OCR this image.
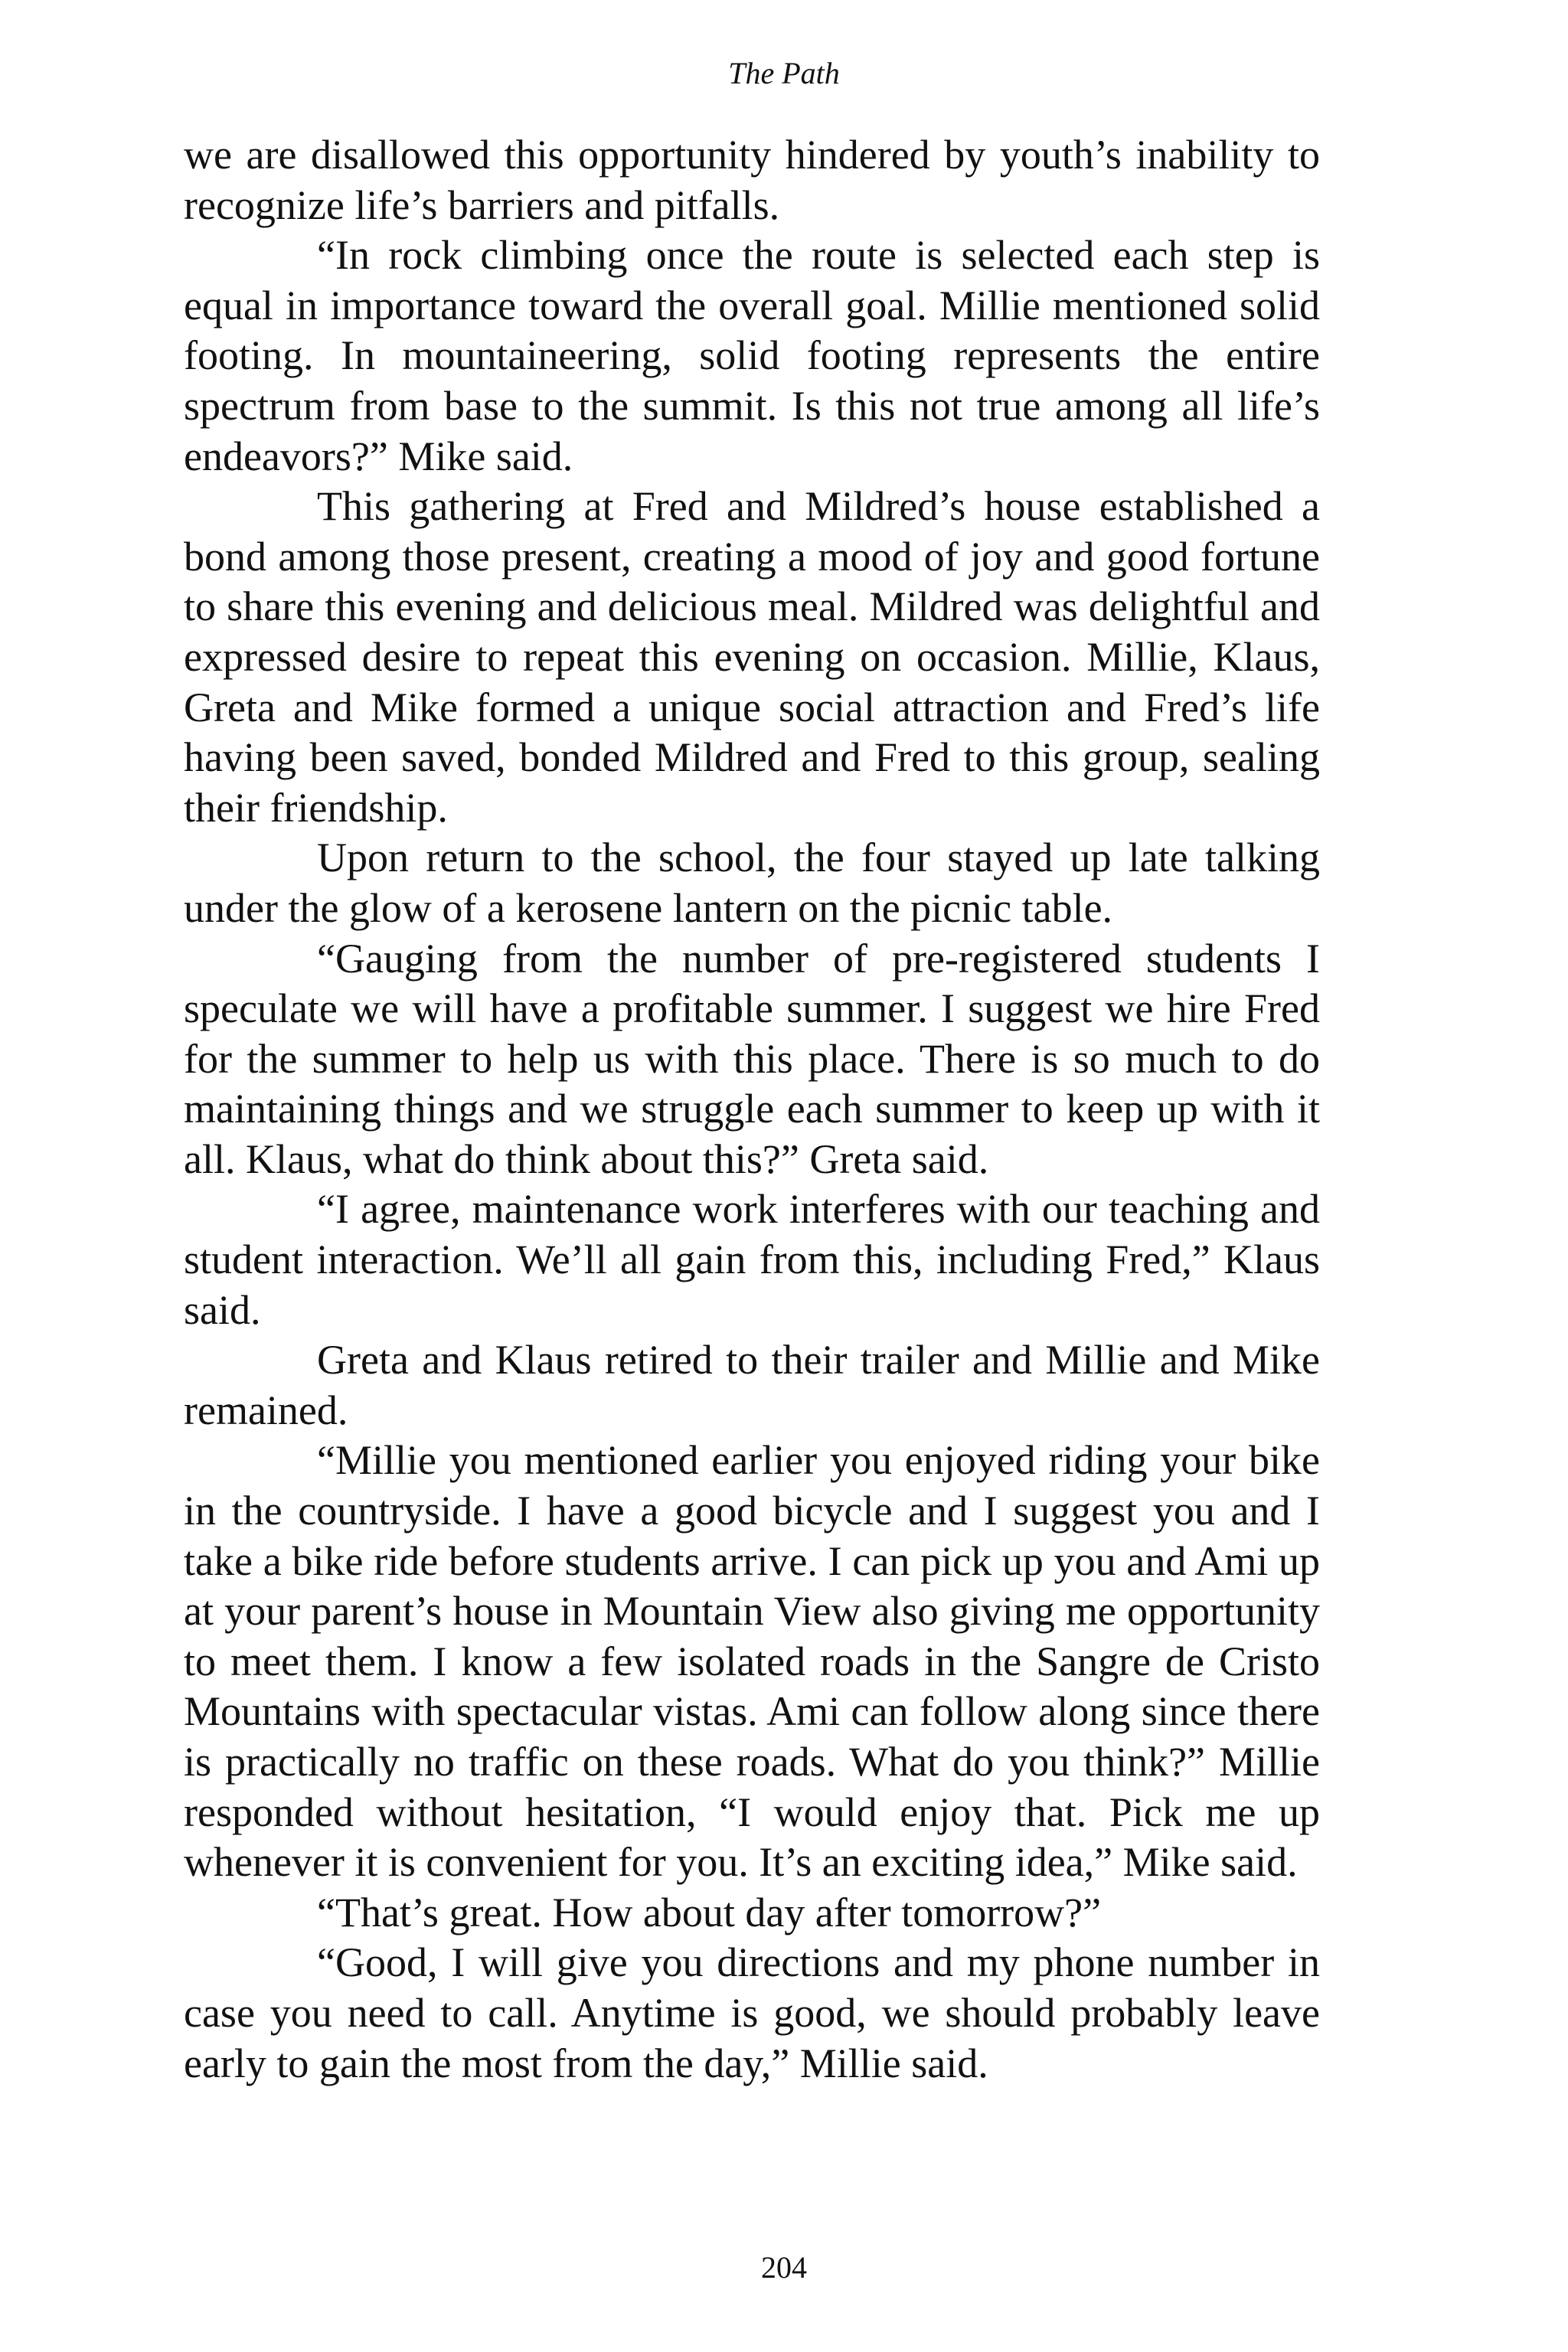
The Path

we are disallowed this opportunity hindered by youth’s inability to recognize life’s barriers and pitfalls.

“In rock climbing once the route is selected each step is equal in importance toward the overall goal. Millie mentioned solid footing. In mountaineering, solid footing represents the entire spectrum from base to the summit. Is this not true among all life’s endeavors?” Mike said.

This gathering at Fred and Mildred’s house established a bond among those present, creating a mood of joy and good fortune to share this evening and delicious meal. Mildred was delightful and expressed desire to repeat this evening on occasion. Millie, Klaus, Greta and Mike formed a unique social attraction and Fred’s life having been saved, bonded Mildred and Fred to this group, sealing their friendship.

Upon return to the school, the four stayed up late talking under the glow of a kerosene lantern on the picnic table.

“Gauging from the number of pre-registered students I speculate we will have a profitable summer. I suggest we hire Fred for the summer to help us with this place. There is so much to do maintaining things and we struggle each summer to keep up with it all. Klaus, what do think about this?” Greta said.

“I agree, maintenance work interferes with our teaching and student interaction. We’ll all gain from this, including Fred,” Klaus said.

Greta and Klaus retired to their trailer and Millie and Mike remained.

“Millie you mentioned earlier you enjoyed riding your bike in the countryside. I have a good bicycle and I suggest you and I take a bike ride before students arrive. I can pick up you and Ami up at your parent’s house in Mountain View also giving me opportunity to meet them. I know a few isolated roads in the Sangre de Cristo Mountains with spectacular vistas. Ami can follow along since there is practically no traffic on these roads. What do you think?” Millie responded without hesitation, “I would enjoy that. Pick me up whenever it is convenient for you. It’s an exciting idea,” Mike said.

“That’s great. How about day after tomorrow?”

“Good, I will give you directions and my phone number in case you need to call. Anytime is good, we should probably leave early to gain the most from the day,” Millie said.

204
